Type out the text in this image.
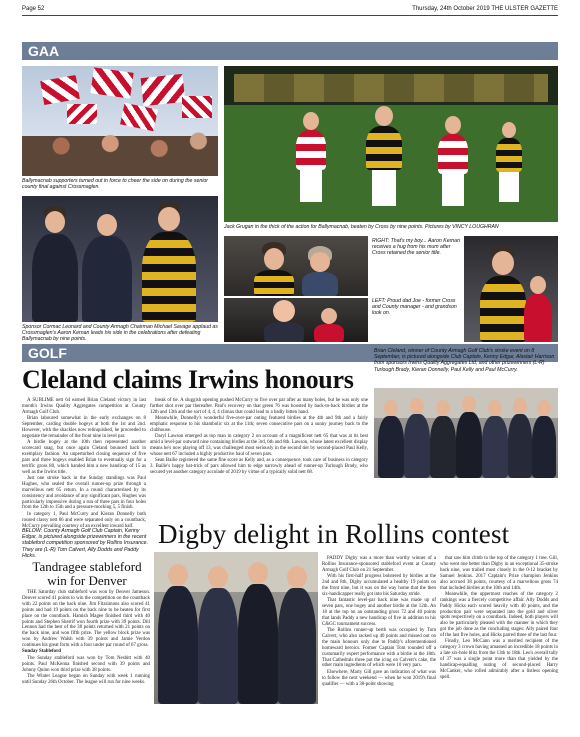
Page 52	Thursday, 24th October 2019 THE ULSTER GAZETTE
GAA
Ballymacnab supporters turned out in force to cheer the side on during the senior county final against Crossmaglen.
Jack Grugan in the thick of the action for Ballymacnab, beaten by Cross by nine points. Pictures by VINCY LOUGHRAN
Sponsor Cormac Leonard and County Armagh Chairman Michael Savage applaud as Crossmaglen's Aaron Kernan leads his side in the celebrations after defeating Ballymacnab by nine points.
RIGHT: That's my boy... Aaron Kernan receives a hug from his mum after Cross retained the senior title.
LEFT: Proud dad Joe - former Cross and County manager - and grandson look on.
GOLF
Cleland claims Irwins honours
Brian Cleland, winner of County Armagh Golf Club's stroke event on 8 September, is pictured alongside Club Captain, Kenny Edgar, Alastair Harrison from sponsors Irwins Quality Aggregates Ltd, and other prizewinners (L-R) Turlough Brady, Kieran Donnelly, Paul Kelly and Paul McCurry.

A SUBLIME nett 64 earned Brian Cleland victory in last month's Irwins Quality Aggregates competition at County Armagh Golf Club.

Brian laboured somewhat in the early exchanges on 8 September, carding double bogeys at both the 1st and 2nd. However, with the shackles now relinquished, he proceeded to negotiate the remainder of the front nine in level par.

A birdie bogey at the 10th then represented another scorecard snag, but once again Cleland bounced back in exemplary fashion. An unperturbed closing sequence of five pars and three bogeys enabled Brian to eventually sign for a terrific gross 80, which handed him a new handicap of 15 as well as the Irwins title.

Just one stroke back in the Sunday standings was Paul Hughes, who sealed the overall runner-up prize through a marvellous nett 65 return. In a round characterised by its consistency and avoidance of any significant pars, Hughes was particularly impressive during a run of three pars in four holes from the 12th to 15th and a pressure-mocking 5, 5 finish.

In category 1, Paul McCurry and Kieran Donnelly both roused classy nett 66 and were separated only on a countback, McCurry prevailing courtesy of an excellent inward half.

break of tie. A sluggish opening pushed McCurry to five over par after as many holes, but he was only one further shot over par thereafter. Paul's recovery on that green 76 was boosted by back-to-back birdies at the 12th and 13th and the sort of 4, 4, 4 climax that could lead to a badly bitten hand.

Meanwhile, Donnelly's wonderful five-over-par outing featured birdies at the 4th and 9th and a fairly emphatic response to his shambolic six at the 11th; seven consecutive pars on a sunny journey back to the clubhouse.

Daryl Lawson emerged as top man in category 2 on account of a magnificent nett 65 that was at its best amid a level-par outward nine containing birdies at the 3rd, 6th and 8th. Lawson, whose latest excellent display means he's now playing off 13, was challenged most seriously in the second tier by second-placed Paul Kelly, whose nett 67 included a highly productive haul of seven pars.

Sean Bailie registered the same fine score as Kelly and, as a consequence, took care of business in category 3. Bailie's happy hat-trick of pars allowed him to edge narrowly ahead of runner-up Turlough Brady, who secured yet another category accolade of 2019 by virtue of a typically solid nett 68.

BELOW: County Armagh Golf Club Captain, Kenny Edgar, is pictured alongside prizewinners in the recent stableford competition sponsored by Rollins Insurance. They are (L-R) Tom Calvert, Ally Dodds and Paddy Hicks.
Digby delight in Rollins contest
Tandragee stableford win for Denver

THE Saturday club stableford was won by Denver Jameson. Denver scored 41 points to win the competition on the countback with 22 points on the back nine. Jim Fitzsimons also scored 41 points and had 19 points on the back nine to be beaten for first place on the countback. Hamish Magee finished third with 40 points and Stephen Sherrif won fourth prize with 39 points. Dill Lennon had the best of the 38 points returned with 21 points on the back nine, and won fifth prize. The yellow block prize was won by Andrew Walsh with 39 points and Jamie Verdon continues his great form with a four under par round of 67 gross.

Sunday Stableford

The Sunday stableford was won by Tom Nesbitt with 40 points. Paul McKenna finished second with 39 points and Johnny Quinn won third prize with 38 points.

The Winter League began on Sunday with week 1 running until Sunday 26th October. The league will run for nine weeks.

PADDY Digby was a more than worthy winner of a Rollins Insurance-sponsored stableford event at County Armagh Golf Club on 21 September.

With his first-half progress bolstered by birdies at the 2nd and 8th, Digby accumulated a healthy 19 points on the front nine, but it was on the way home that the then six-handicapper really got into his Saturday stride.

That fantastic level-par back nine was made up of seven pars, one bogey and another birdie at the 12th. An 18 at the top on an outstanding gross 72 and 40 points that lands Paddy a new handicap of five in addition to his C&GC tournament success.

The Rollins runner-up berth was occupied by Tom Calvert, who also racked up 40 points and missed out on the main honours only due to Paddy's aforementioned homeward heroics. Former Captain Tom rounded off a customarily expert performance with a birdie at the 18th. That Cathedrals three put the icing on Calvert's cake, the other main ingredients of which were 10 very pars.

Elsewhere, Marty Gill gave an indication of what was to follow the next weekend — when he won 2019's final qualifier — with a 38-point showing

that saw him climb to the top of the category 1 tree. Gill, who went one better than Digby in an exceptional 35-stroke back nine, was trailed most closely in the 0-12 bracket by Samuel Jenkins. 2017 Captain's Prize champion Jenkins also accrued 38 points, courtesy of a marvellous gross 74 that included birdies at the 10th and 14th.

Meanwhile, the uppermost reaches of the category 2 rankings was a fiercely competitive affair. Ally Dodds and Paddy Hicks each scored heavily with 40 points, and the production pair were separated into the gold and silver spots respectively on a countback. Indeed, both players will also be particularly pleased with the manner in which they got the job done as the concluding stages: Ally paired four of the last five holes, and Hicks parred three of the last four.

Finally, Leo McCann was a merited recipient of the category 3 crown having amassed an incredible 18 points in a late six-hole blitz from the 13th to 18th. Leo's overall tally of 37 was a single point more than that yielded by the handicap-equalling outing of second-placed Harry McCanker, who rolled admirably after a listless opening spell.
